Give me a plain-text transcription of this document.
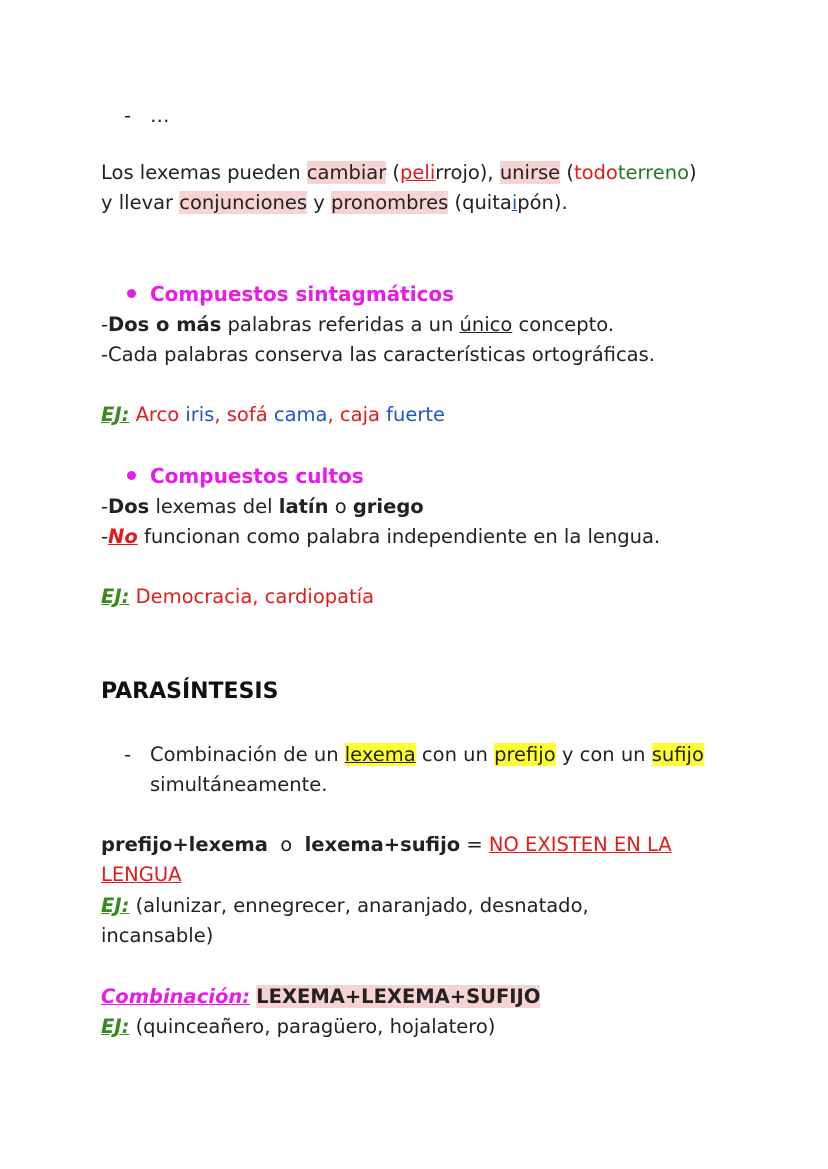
- …
Los lexemas pueden cambiar (pelirrojo), unirse (todoterreno)
y llevar conjunciones y pronombres (quitaipón).
Compuestos sintagmáticos
-Dos o más palabras referidas a un único concepto.
-Cada palabras conserva las características ortográficas.
EJ: Arco iris, sofá cama, caja fuerte
Compuestos cultos
-Dos lexemas del latín o griego
-No funcionan como palabra independiente en la lengua.
EJ: Democracia, cardiopatía
PARASÍNTESIS
- Combinación de un lexema con un prefijo y con un sufijo
simultáneamente.
prefijo+lexema  o  lexema+sufijo = NO EXISTEN EN LA
LENGUA
EJ: (alunizar, ennegrecer, anaranjado, desnatado,
incansable)
Combinación: LEXEMA+LEXEMA+SUFIJO
EJ: (quinceañero, paragüero, hojalatero)
